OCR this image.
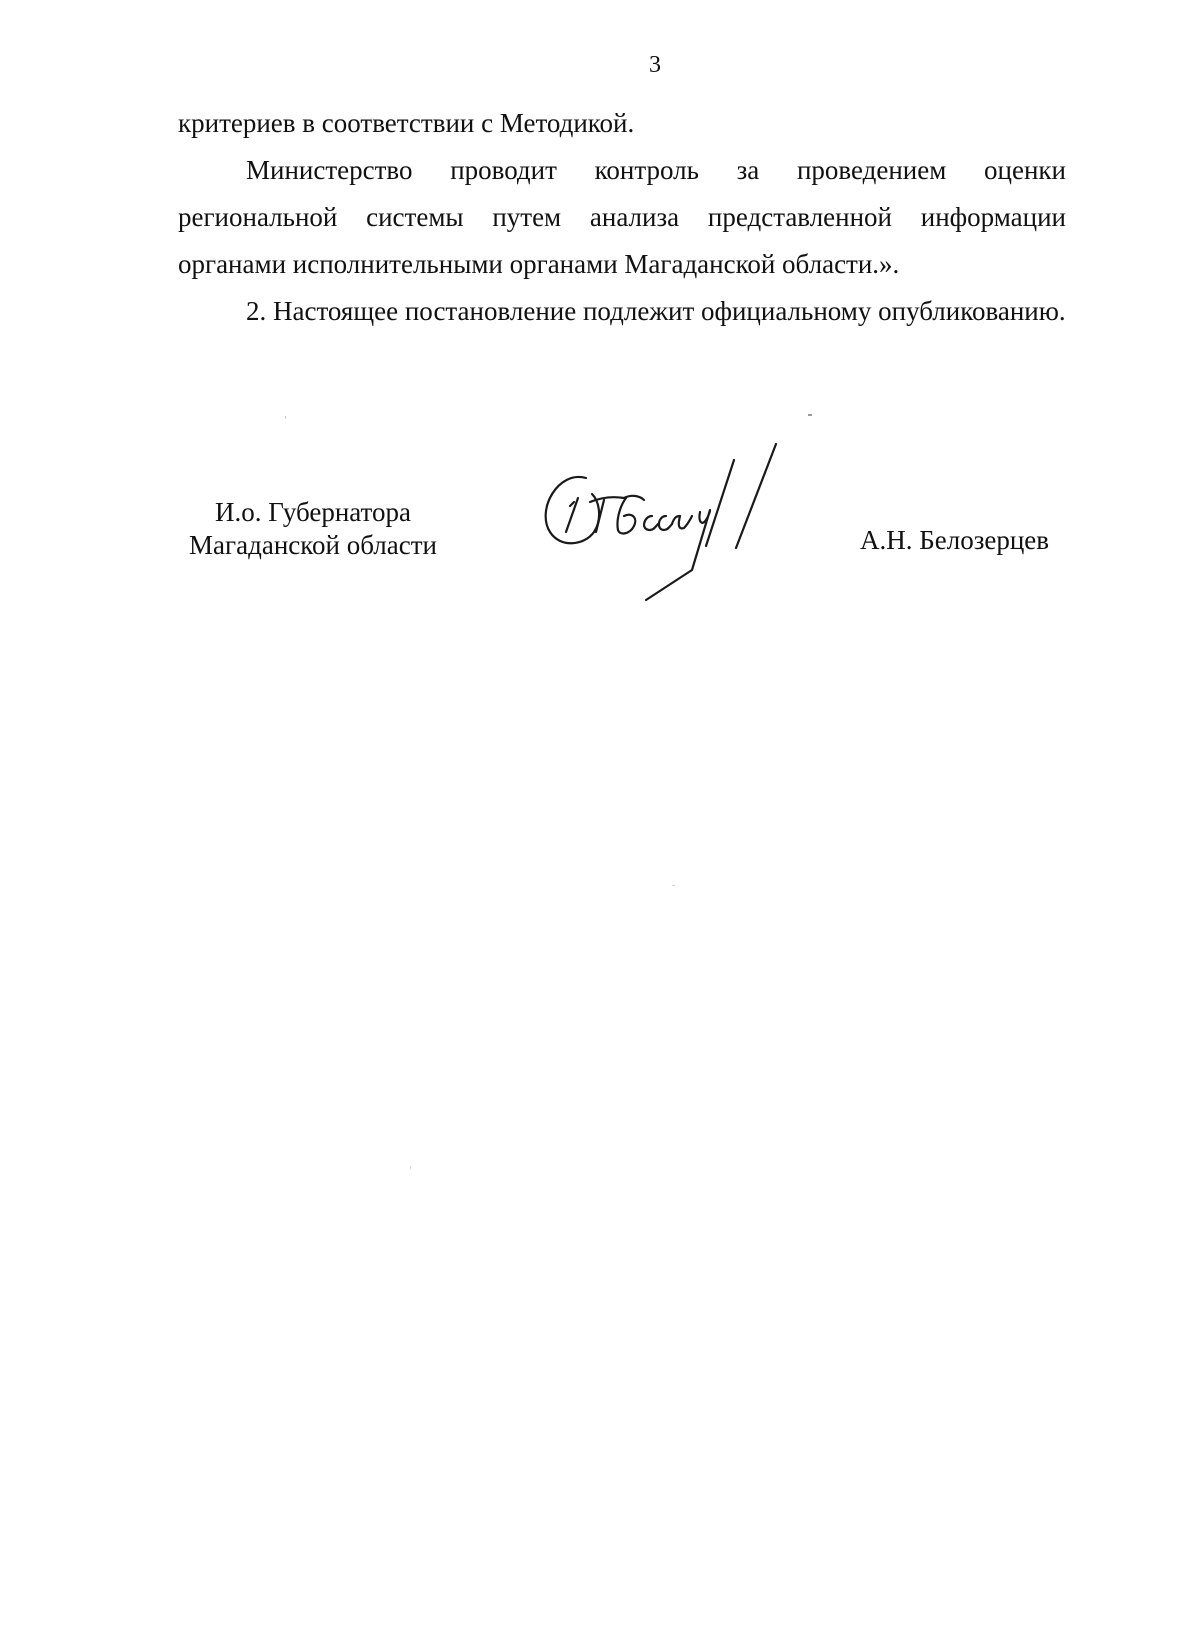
3

критериев в соответствии с Методикой.

Министерство проводит контроль за проведением оценки региональной системы путем анализа представленной информации органами исполнительными органами Магаданской области.».

2. Настоящее постановление подлежит официальному опубликованию.

И.о. Губернатора
Магаданской области	А.Н. Белозерцев
